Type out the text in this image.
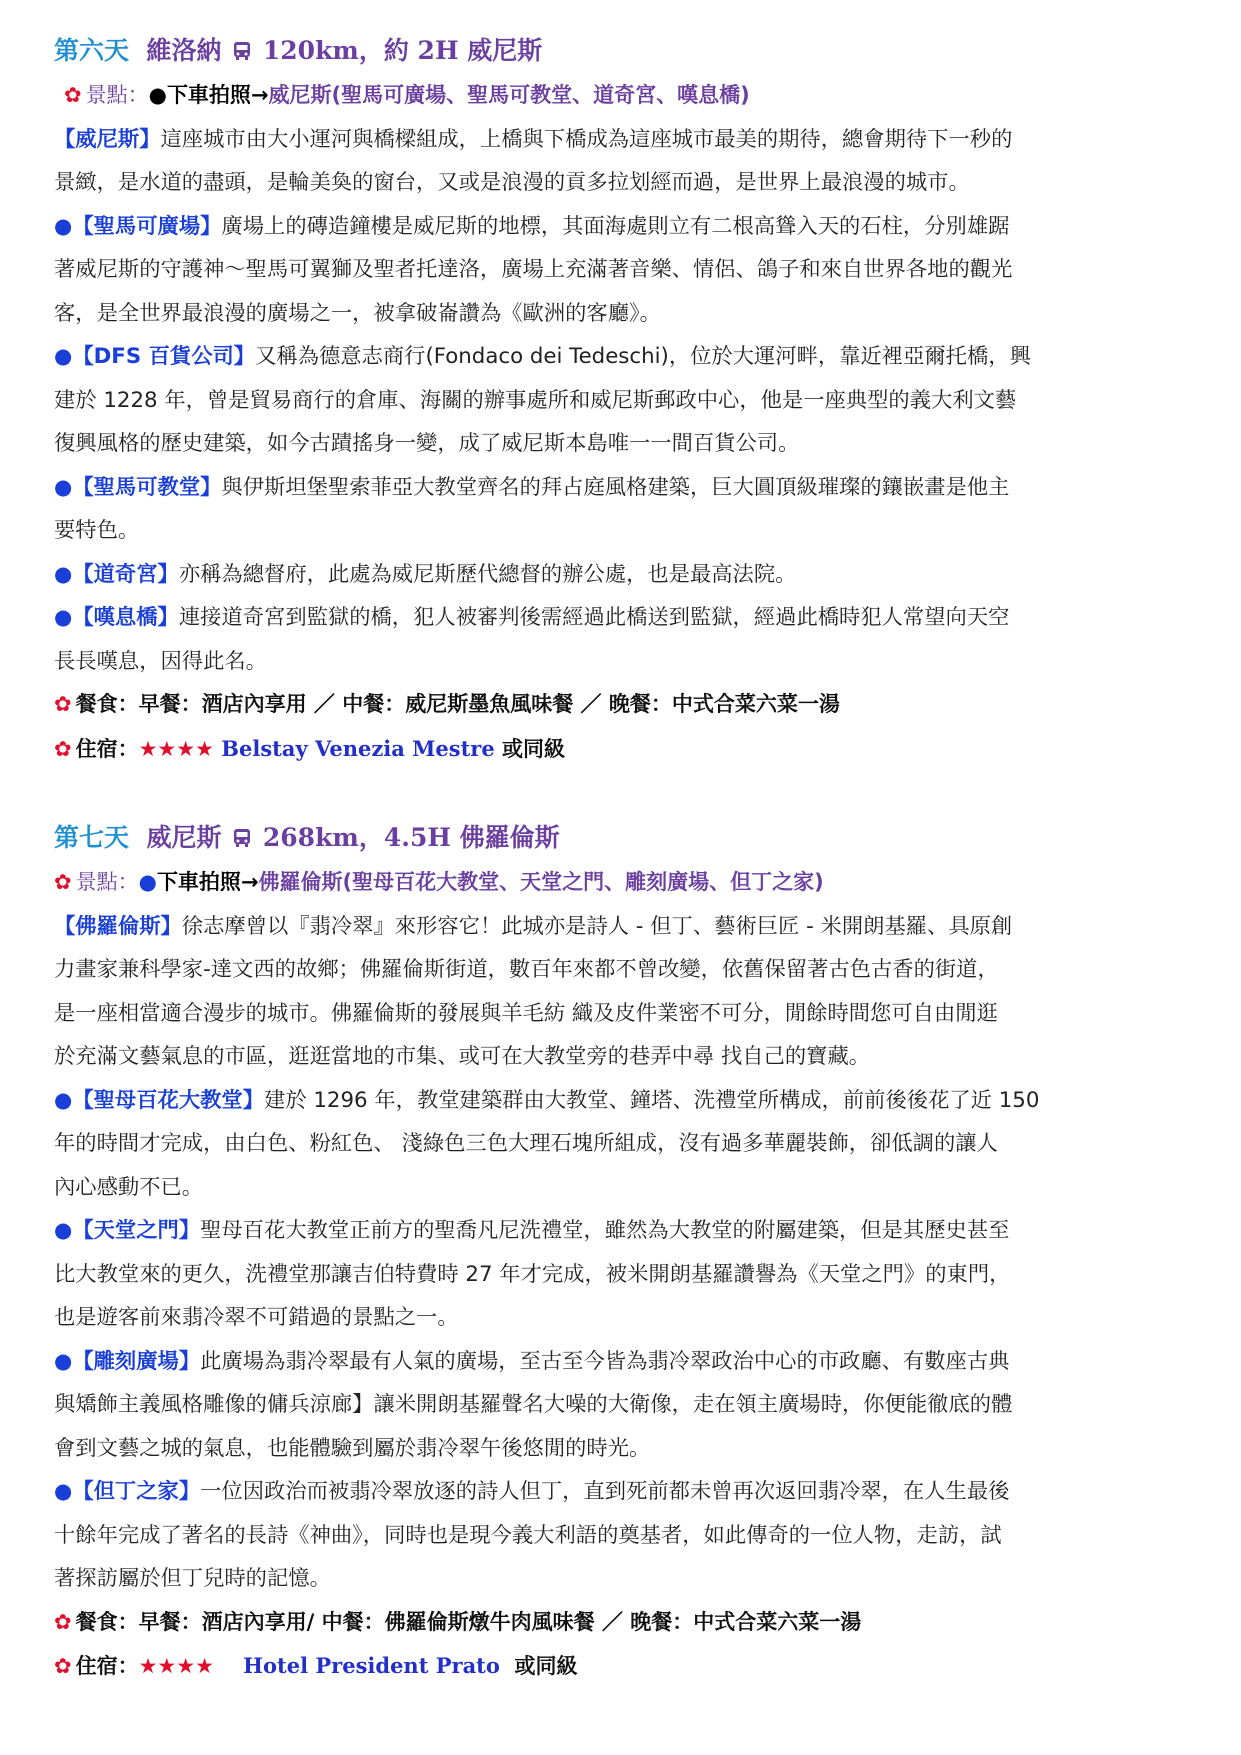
第六天 維洛納 120km，約 2H 威尼斯
✿ 景點：●下車拍照→威尼斯(聖馬可廣場、聖馬可教堂、道奇宮、嘆息橋)

【威尼斯】這座城市由大小運河與橋樑組成，上橋與下橋成為這座城市最美的期待，總會期待下一秒的
景緻，是水道的盡頭，是輪美奐的窗台，又或是浪漫的貢多拉划經而過，是世界上最浪漫的城市。

●【聖馬可廣場】廣場上的磚造鐘樓是威尼斯的地標，其面海處則立有二根高聳入天的石柱，分別雄踞
著威尼斯的守護神～聖馬可翼獅及聖者托達洛，廣場上充滿著音樂、情侶、鴿子和來自世界各地的觀光
客，是全世界最浪漫的廣場之一，被拿破崙讚為《歐洲的客廳》。

●【DFS 百貨公司】又稱為德意志商行(Fondaco dei Tedeschi)，位於大運河畔，靠近裡亞爾托橋，興
建於 1228 年，曾是貿易商行的倉庫、海關的辦事處所和威尼斯郵政中心，他是一座典型的義大利文藝
復興風格的歷史建築，如今古蹟搖身一變，成了威尼斯本島唯一一間百貨公司。

●【聖馬可教堂】與伊斯坦堡聖索菲亞大教堂齊名的拜占庭風格建築，巨大圓頂級璀璨的鑲嵌畫是他主
要特色。

●【道奇宮】亦稱為總督府，此處為威尼斯歷代總督的辦公處，也是最高法院。

●【嘆息橋】連接道奇宮到監獄的橋，犯人被審判後需經過此橋送到監獄，經過此橋時犯人常望向天空
長長嘆息，因得此名。

✿ 餐食：早餐：酒店內享用 ／ 中餐：威尼斯墨魚風味餐 ／ 晚餐：中式合菜六菜一湯
✿ 住宿：★★★★ Belstay Venezia Mestre 或同級
第七天 威尼斯 268km，4.5H 佛羅倫斯
✿ 景點：●下車拍照→佛羅倫斯(聖母百花大教堂、天堂之門、雕刻廣場、但丁之家)

【佛羅倫斯】徐志摩曾以『翡冷翠』來形容它！此城亦是詩人 - 但丁、藝術巨匠 - 米開朗基羅、具原創
力畫家兼科學家-達文西的故鄉；佛羅倫斯街道，數百年來都不曾改變，依舊保留著古色古香的街道，
是一座相當適合漫步的城市。佛羅倫斯的發展與羊毛紡 織及皮件業密不可分，閒餘時間您可自由閒逛
於充滿文藝氣息的市區，逛逛當地的市集、或可在大教堂旁的巷弄中尋 找自己的寶藏。

●【聖母百花大教堂】建於 1296 年，教堂建築群由大教堂、鐘塔、洗禮堂所構成，前前後後花了近 150
年的時間才完成，由白色、粉紅色、 淺綠色三色大理石塊所組成，沒有過多華麗裝飾，卻低調的讓人
內心感動不已。

●【天堂之門】聖母百花大教堂正前方的聖喬凡尼洗禮堂，雖然為大教堂的附屬建築，但是其歷史甚至
比大教堂來的更久，洗禮堂那讓吉伯特費時 27 年才完成，被米開朗基羅讚譽為《天堂之門》的東門，
也是遊客前來翡冷翠不可錯過的景點之一。

●【雕刻廣場】此廣場為翡冷翠最有人氣的廣場，至古至今皆為翡冷翠政治中心的市政廳、有數座古典
與矯飾主義風格雕像的傭兵涼廊】讓米開朗基羅聲名大噪的大衛像，走在領主廣場時，你便能徹底的體
會到文藝之城的氣息，也能體驗到屬於翡冷翠午後悠閒的時光。

●【但丁之家】一位因政治而被翡冷翠放逐的詩人但丁，直到死前都未曾再次返回翡冷翠，在人生最後
十餘年完成了著名的長詩《神曲》，同時也是現今義大利語的奠基者，如此傳奇的一位人物，走訪，試
著探訪屬於但丁兒時的記憶。

✿ 餐食：早餐：酒店內享用/ 中餐：佛羅倫斯燉牛肉風味餐 ／ 晚餐：中式合菜六菜一湯
✿ 住宿：★★★★ Hotel President Prato 或同級
